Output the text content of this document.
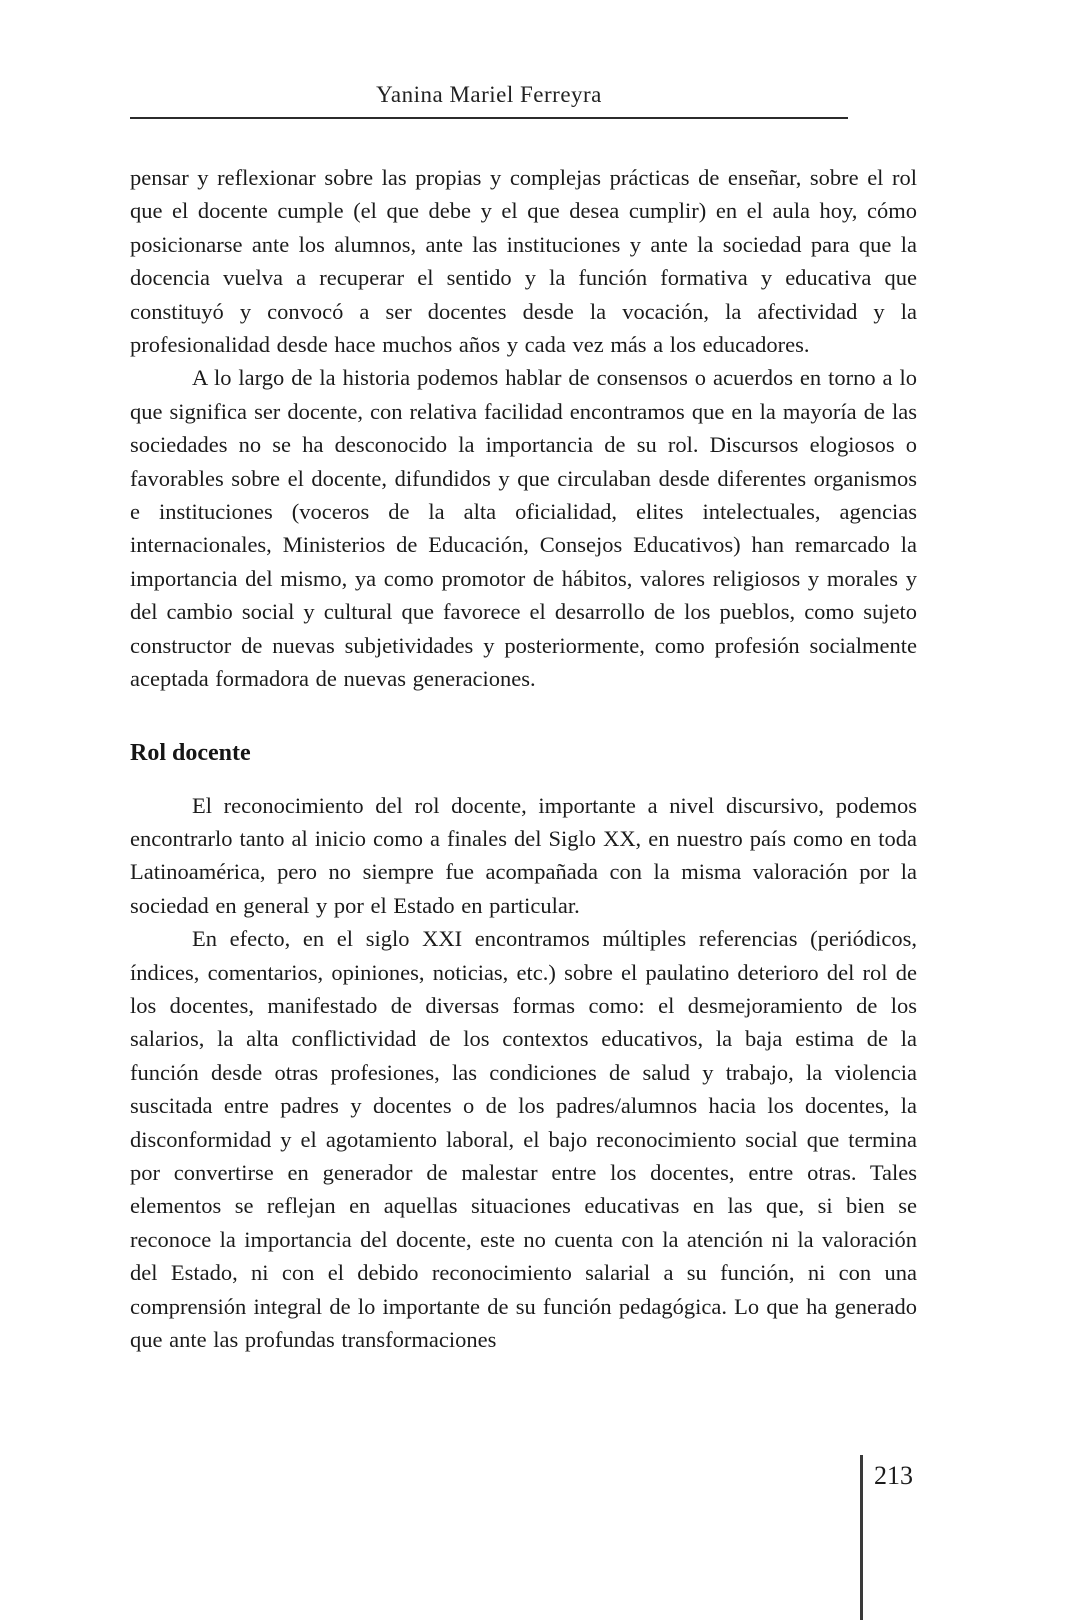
Yanina Mariel Ferreyra

pensar y reflexionar sobre las propias y complejas prácticas de enseñar, sobre el rol que el docente cumple (el que debe y el que desea cumplir) en el aula hoy, cómo posicionarse ante los alumnos, ante las instituciones y ante la sociedad para que la docencia vuelva a recuperar el sentido y la función formativa y educativa que constituyó y convocó a ser docentes desde la vocación, la afectividad y la profesionalidad desde hace muchos años y cada vez más a los educadores.

A lo largo de la historia podemos hablar de consensos o acuerdos en torno a lo que significa ser docente, con relativa facilidad encontramos que en la mayoría de las sociedades no se ha desconocido la importancia de su rol. Discursos elogiosos o favorables sobre el docente, difundidos y que circulaban desde diferentes organismos e instituciones (voceros de la alta oficialidad, elites intelectuales, agencias internacionales, Ministerios de Educación, Consejos Educativos) han remarcado la importancia del mismo, ya como promotor de hábitos, valores religiosos y morales y del cambio social y cultural que favorece el desarrollo de los pueblos, como sujeto constructor de nuevas subjetividades y posteriormente, como profesión socialmente aceptada formadora de nuevas generaciones.

Rol docente

El reconocimiento del rol docente, importante a nivel discursivo, podemos encontrarlo tanto al inicio como a finales del Siglo XX, en nuestro país como en toda Latinoamérica, pero no siempre fue acompañada con la misma valoración por la sociedad en general y por el Estado en particular.

En efecto, en el siglo XXI encontramos múltiples referencias (periódicos, índices, comentarios, opiniones, noticias, etc.) sobre el paulatino deterioro del rol de los docentes, manifestado de diversas formas como: el desmejoramiento de los salarios, la alta conflictividad de los contextos educativos, la baja estima de la función desde otras profesiones, las condiciones de salud y trabajo, la violencia suscitada entre padres y docentes o de los padres/alumnos hacia los docentes, la disconformidad y el agotamiento laboral, el bajo reconocimiento social que termina por convertirse en generador de malestar entre los docentes, entre otras. Tales elementos se reflejan en aquellas situaciones educativas en las que, si bien se reconoce la importancia del docente, este no cuenta con la atención ni la valoración del Estado, ni con el debido reconocimiento salarial a su función, ni con una comprensión integral de lo importante de su función pedagógica. Lo que ha generado que ante las profundas transformaciones

213
